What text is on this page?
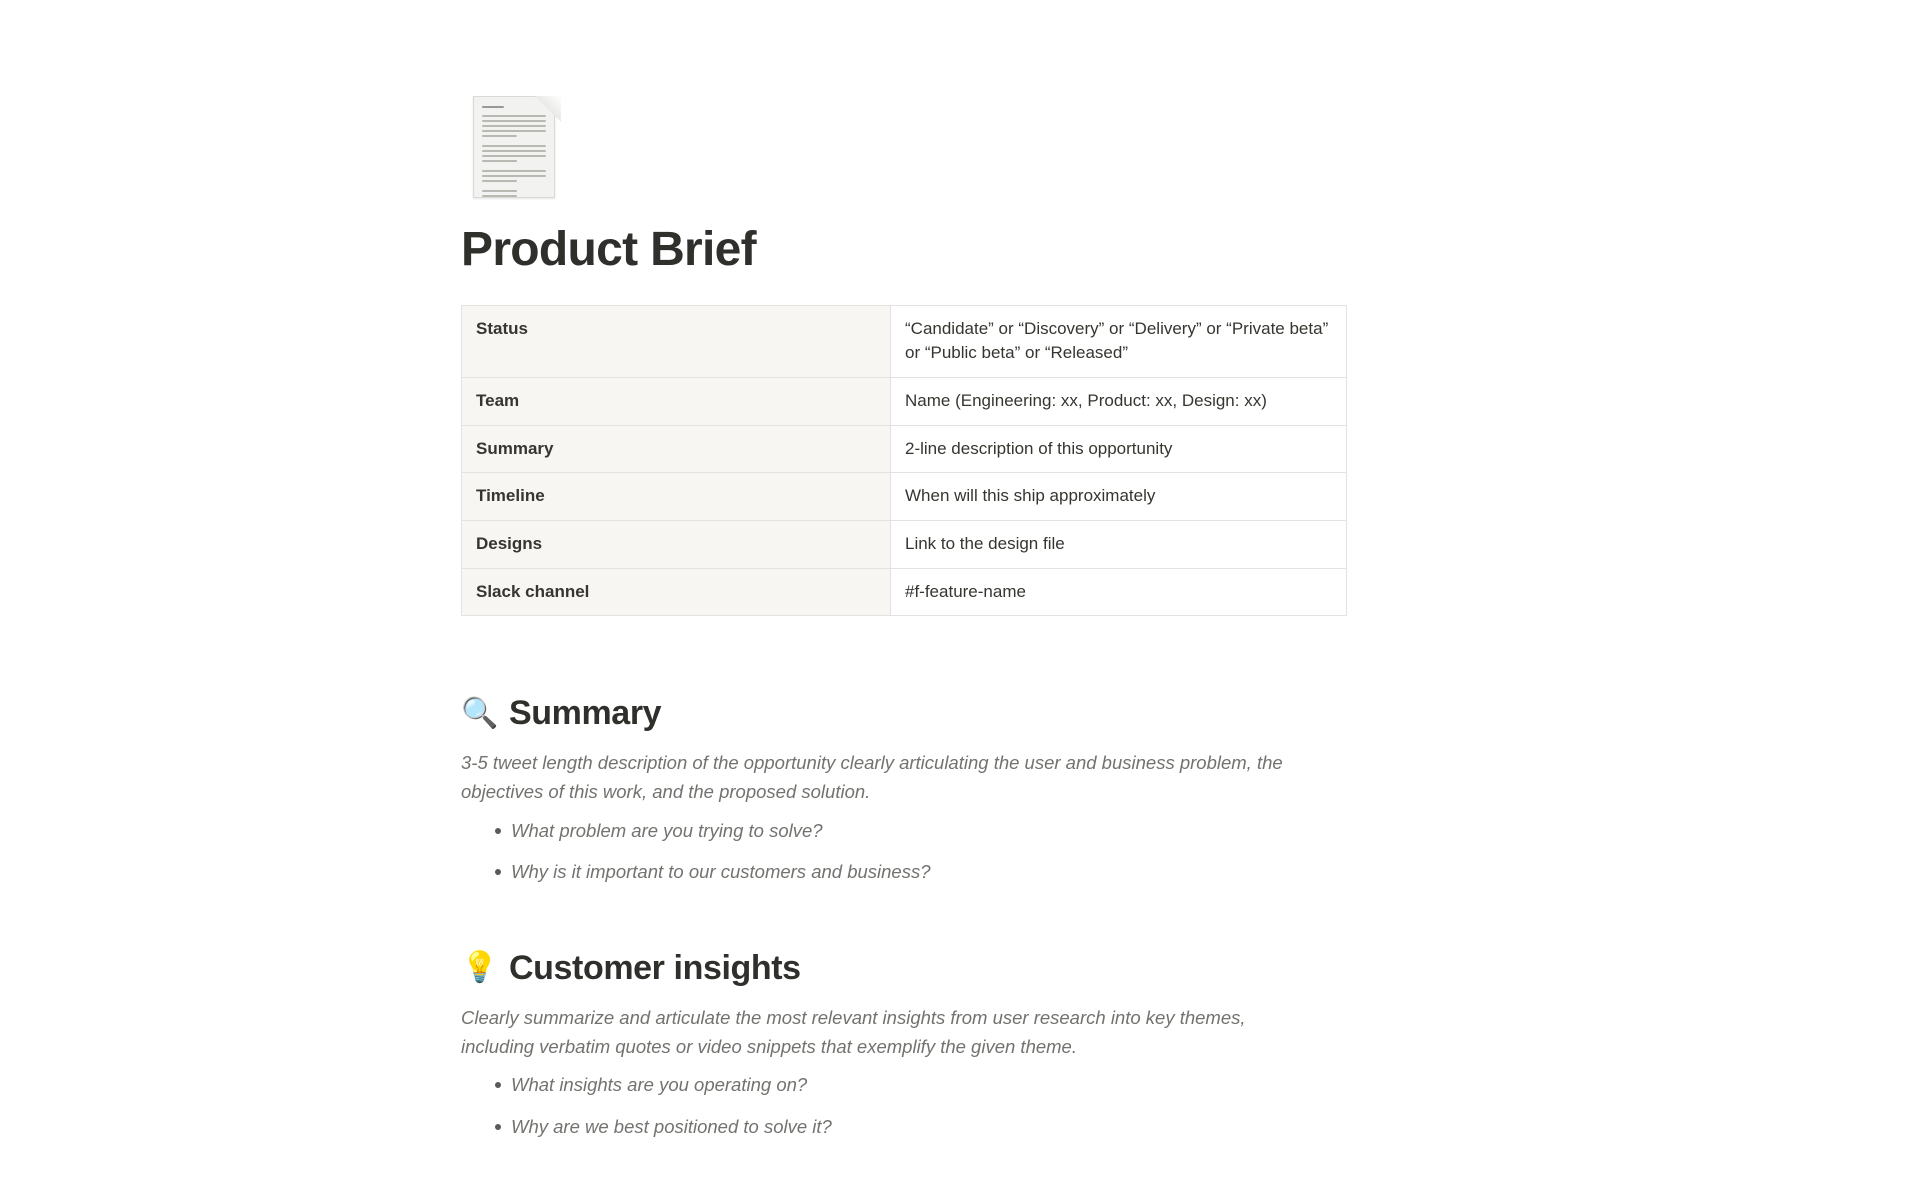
Product Brief
Status	“Candidate” or “Discovery” or “Delivery” or “Private beta” or “Public beta” or “Released”
Team	Name (Engineering: xx, Product: xx, Design: xx)
Summary	2-line description of this opportunity
Timeline	When will this ship approximately
Designs	Link to the design file
Slack channel	#f-feature-name
🔍 Summary

3-5 tweet length description of the opportunity clearly articulating the user and business problem, the objectives of this work, and the proposed solution.

What problem are you trying to solve?
Why is it important to our customers and business?
💡 Customer insights

Clearly summarize and articulate the most relevant insights from user research into key themes, including verbatim quotes or video snippets that exemplify the given theme.

What insights are you operating on?
Why are we best positioned to solve it?
